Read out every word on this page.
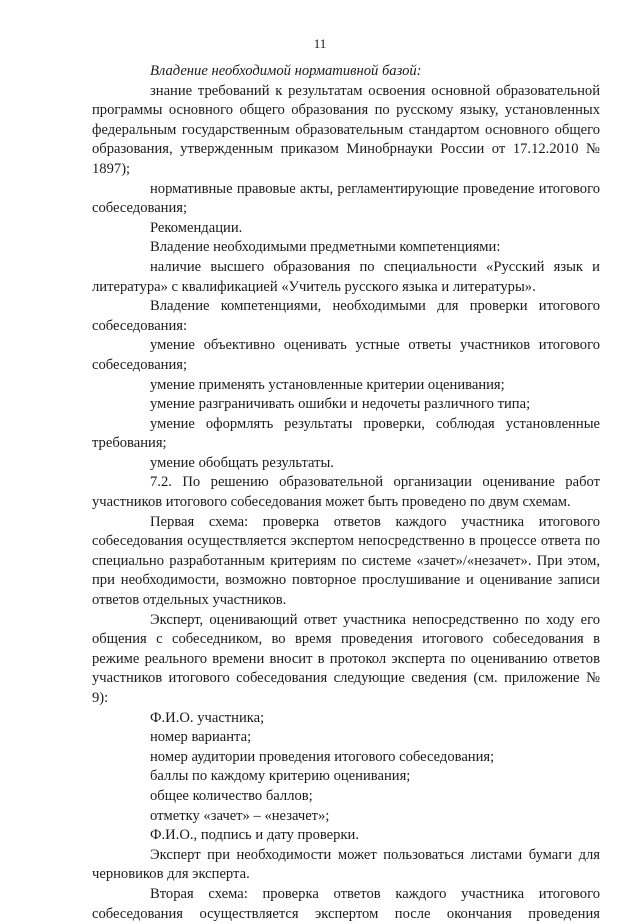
11

Владение необходимой нормативной базой:

знание требований к результатам освоения основной образовательной программы основного общего образования по русскому языку, установленных федеральным государственным образовательным стандартом основного общего образования, утвержденным приказом Минобрнауки России от 17.12.2010 № 1897);

нормативные правовые акты, регламентирующие проведение итогового собеседования;

Рекомендации.

Владение необходимыми предметными компетенциями:

наличие высшего образования по специальности «Русский язык и литература» с квалификацией «Учитель русского языка и литературы».

Владение компетенциями, необходимыми для проверки итогового собеседования:

умение объективно оценивать устные ответы участников итогового собеседования;

умение применять установленные критерии оценивания;

умение разграничивать ошибки и недочеты различного типа;

умение оформлять результаты проверки, соблюдая установленные требования;

умение обобщать результаты.

7.2. По решению образовательной организации оценивание работ участников итогового собеседования может быть проведено по двум схемам.

Первая схема: проверка ответов каждого участника итогового собеседования осуществляется экспертом непосредственно в процессе ответа по специально разработанным критериям по системе «зачет»/«незачет». При этом, при необходимости, возможно повторное прослушивание и оценивание записи ответов отдельных участников.

Эксперт, оценивающий ответ участника непосредственно по ходу его общения с собеседником, во время проведения итогового собеседования в режиме реального времени вносит в протокол эксперта по оцениванию ответов участников итогового собеседования следующие сведения (см. приложение № 9):

Ф.И.О. участника;

номер варианта;

номер аудитории проведения итогового собеседования;

баллы по каждому критерию оценивания;

общее количество баллов;

отметку «зачет» – «незачет»;

Ф.И.О., подпись и дату проверки.

Эксперт при необходимости может пользоваться листами бумаги для черновиков для эксперта.

Вторая схема: проверка ответов каждого участника итогового собеседования осуществляется экспертом после окончания проведения
